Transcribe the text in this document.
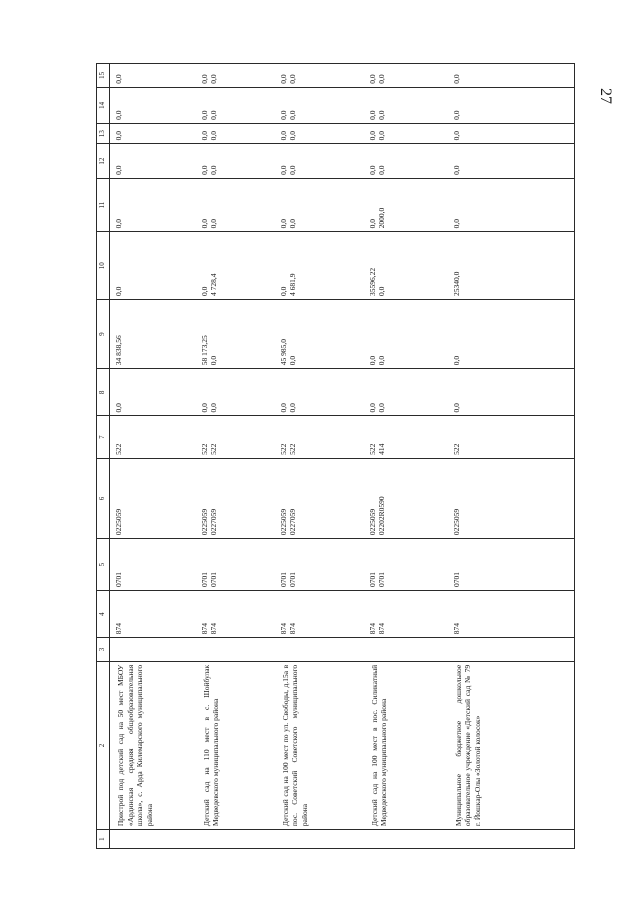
27
1	2	3	4	5	6	7	8	9	10	11	12	13	14	15
	Пристрой под детский сад на 50 мест МБОУ «Ардинская средняя общеобразовательная школа», с. Арда Килемарского муниципального района		874	0701	0225059	522	0,0	34 838,56	0,0	0,0	0,0	0,0	0,0	0,0
	Детский сад на 110 мест в с. Шойбулак Медведевского муниципального района		874 874	0701 0701	0225059 0227059	522 522	0,0 0,0	58 173,25 0,0	0,0 4 728,4	0,0 0,0	0,0 0,0	0,0 0,0	0,0 0,0	0,0 0,0

	Детский сад на 100 мест по ул. Свободы, д.15а в пос. Советский Советского муниципального района		874 874	0701 0701	0225059 0227059	522 522	0,0 0,0	45 985,0 0,0	0,0 4 681,9	0,0 0,0	0,0 0,0	0,0 0,0	0,0 0,0	0,0 0,0

	Детский сад на 100 мест в пос. Силикатный Медведевского муниципального района		874 874	0701 0701	0225059 02202R0590	522 414	0,0 0,0	0,0 0,0	35596,22 0,0	0,0 2000,0	0,0 0,0	0,0 0,0	0,0 0,0	0,0 0,0

	Муниципальное бюджетное дошкольное образовательное учреждение «Детский сад № 79 г. Йошкар-Олы «Золотой колосок»		874	0701	0225059	522	0,0	0,0	25340,0	0,0	0,0	0,0	0,0	0,0
